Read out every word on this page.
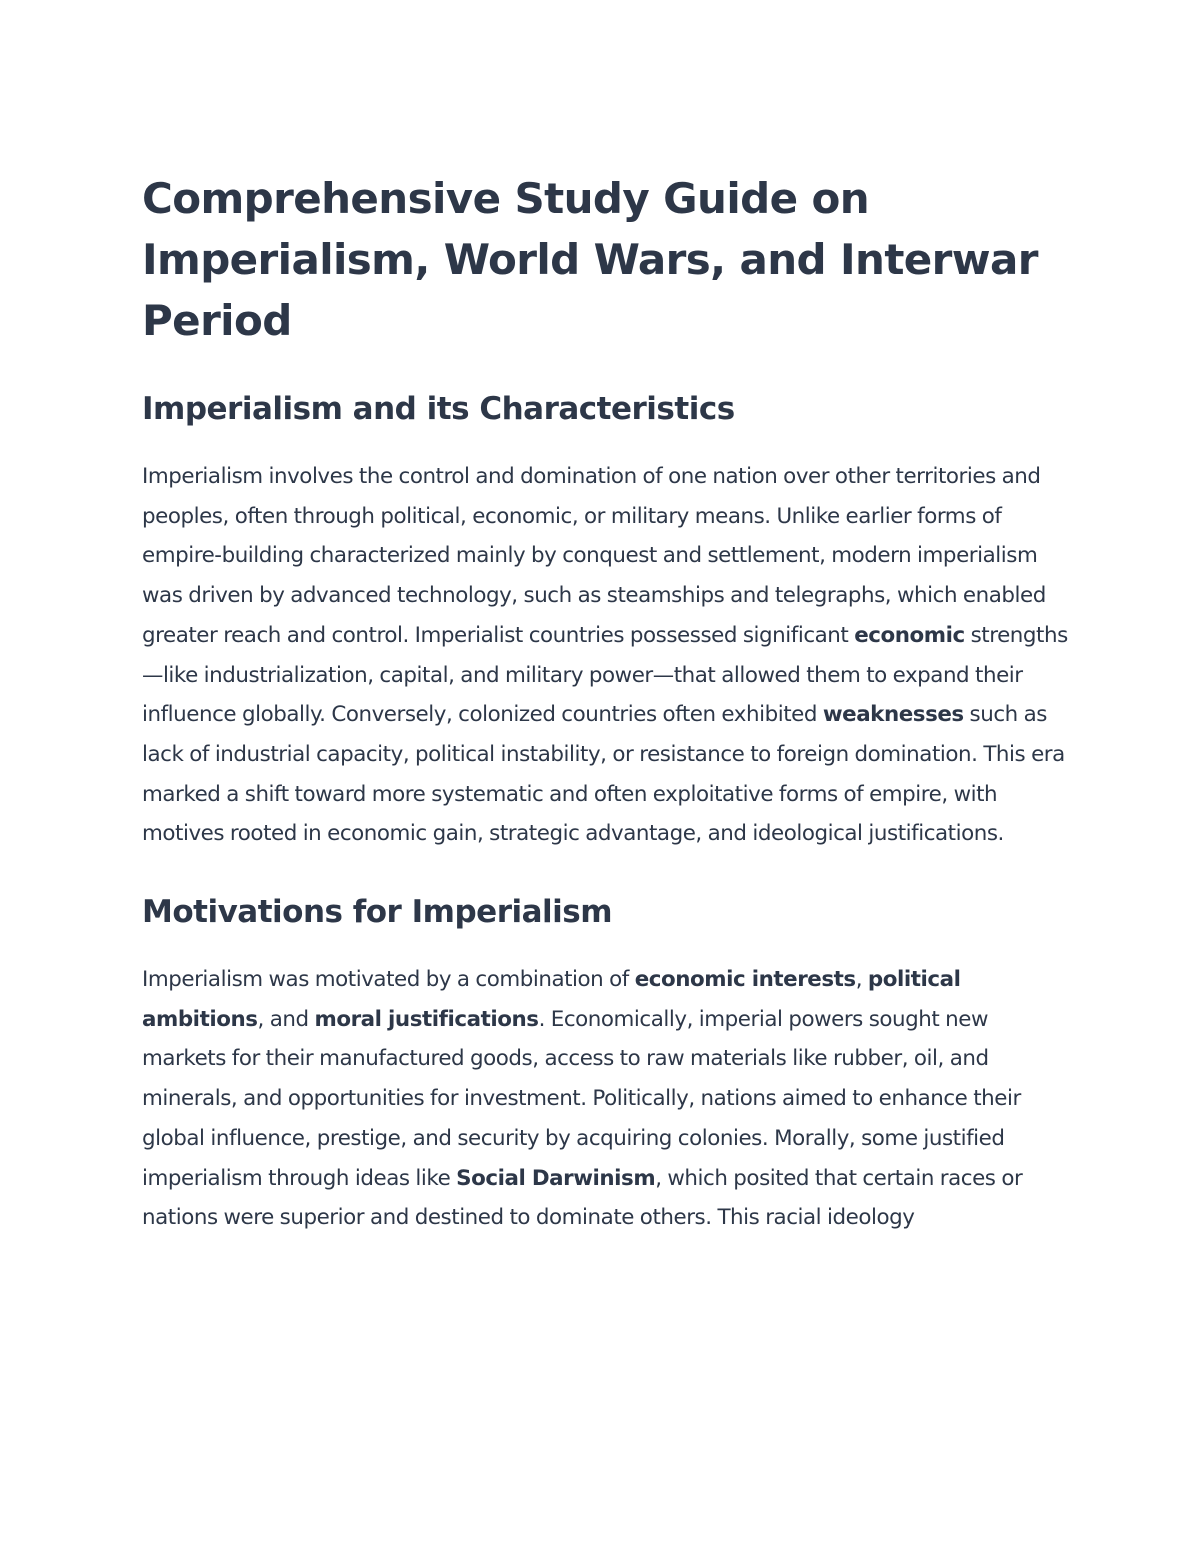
Comprehensive Study Guide on Imperialism, World Wars, and Interwar Period
Imperialism and its Characteristics

Imperialism involves the control and domination of one nation over other territories and peoples, often through political, economic, or military means. Unlike earlier forms of empire-building characterized mainly by conquest and settlement, modern imperialism was driven by advanced technology, such as steamships and telegraphs, which enabled greater reach and control. Imperialist countries possessed significant economic strengths—like industrialization, capital, and military power—that allowed them to expand their influence globally. Conversely, colonized countries often exhibited weaknesses such as lack of industrial capacity, political instability, or resistance to foreign domination. This era marked a shift toward more systematic and often exploitative forms of empire, with motives rooted in economic gain, strategic advantage, and ideological justifications.

Motivations for Imperialism

Imperialism was motivated by a combination of economic interests, political ambitions, and moral justifications. Economically, imperial powers sought new markets for their manufactured goods, access to raw materials like rubber, oil, and minerals, and opportunities for investment. Politically, nations aimed to enhance their global influence, prestige, and security by acquiring colonies. Morally, some justified imperialism through ideas like Social Darwinism, which posited that certain races or nations were superior and destined to dominate others. This racial ideology
